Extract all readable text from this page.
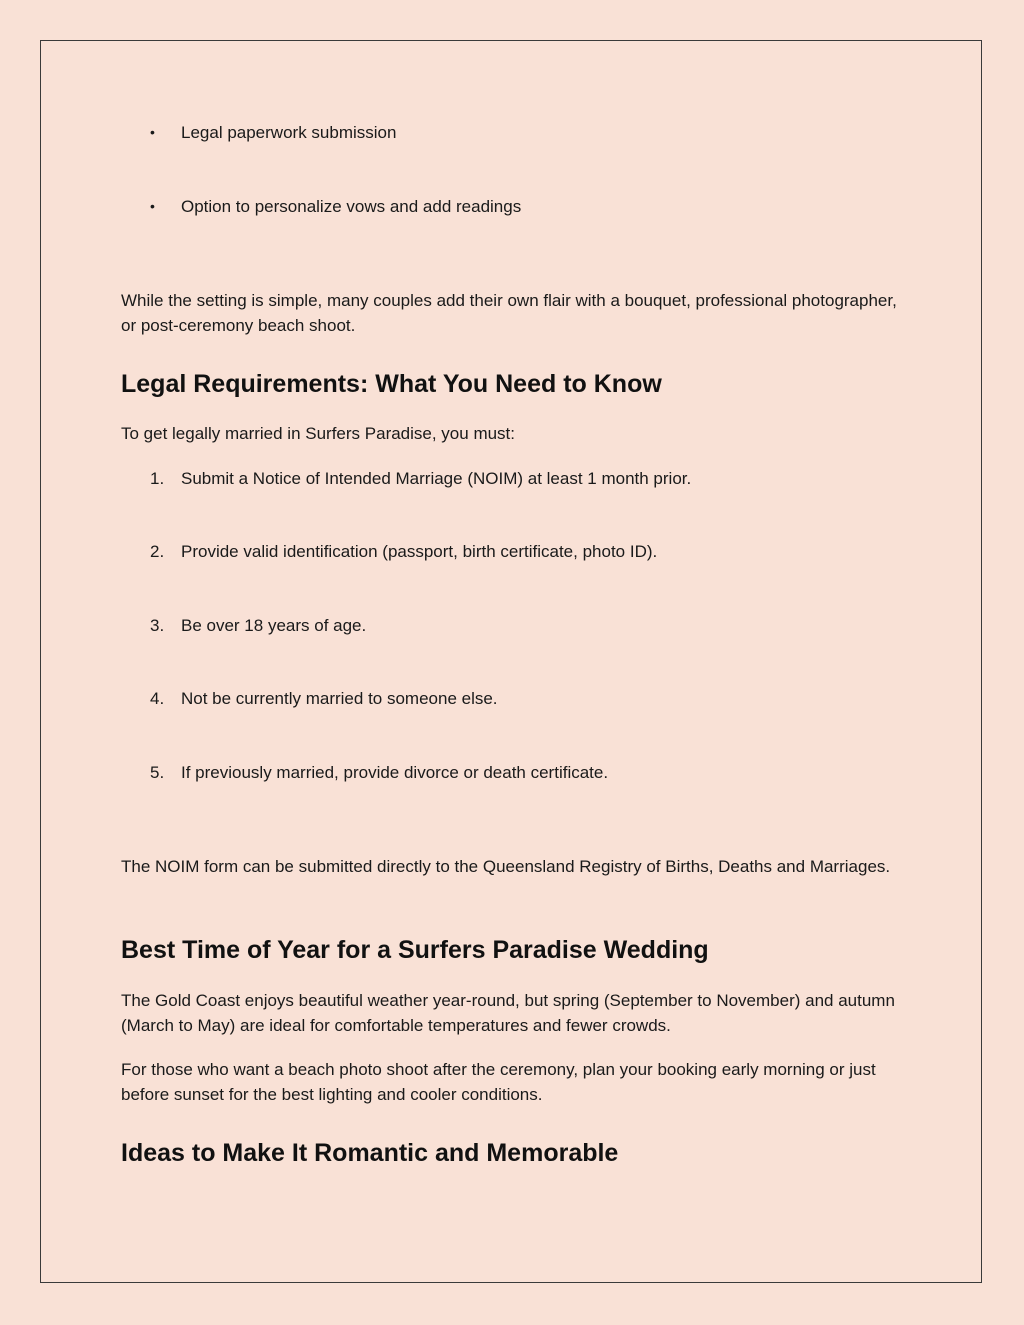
• Legal paperwork submission
• Option to personalize vows and add readings

While the setting is simple, many couples add their own flair with a bouquet, professional photographer, or post-ceremony beach shoot.

Legal Requirements: What You Need to Know

To get legally married in Surfers Paradise, you must:

1. Submit a Notice of Intended Marriage (NOIM) at least 1 month prior.
2. Provide valid identification (passport, birth certificate, photo ID).
3. Be over 18 years of age.
4. Not be currently married to someone else.
5. If previously married, provide divorce or death certificate.

The NOIM form can be submitted directly to the Queensland Registry of Births, Deaths and Marriages.

Best Time of Year for a Surfers Paradise Wedding

The Gold Coast enjoys beautiful weather year-round, but spring (September to November) and autumn (March to May) are ideal for comfortable temperatures and fewer crowds.

For those who want a beach photo shoot after the ceremony, plan your booking early morning or just before sunset for the best lighting and cooler conditions.

Ideas to Make It Romantic and Memorable
